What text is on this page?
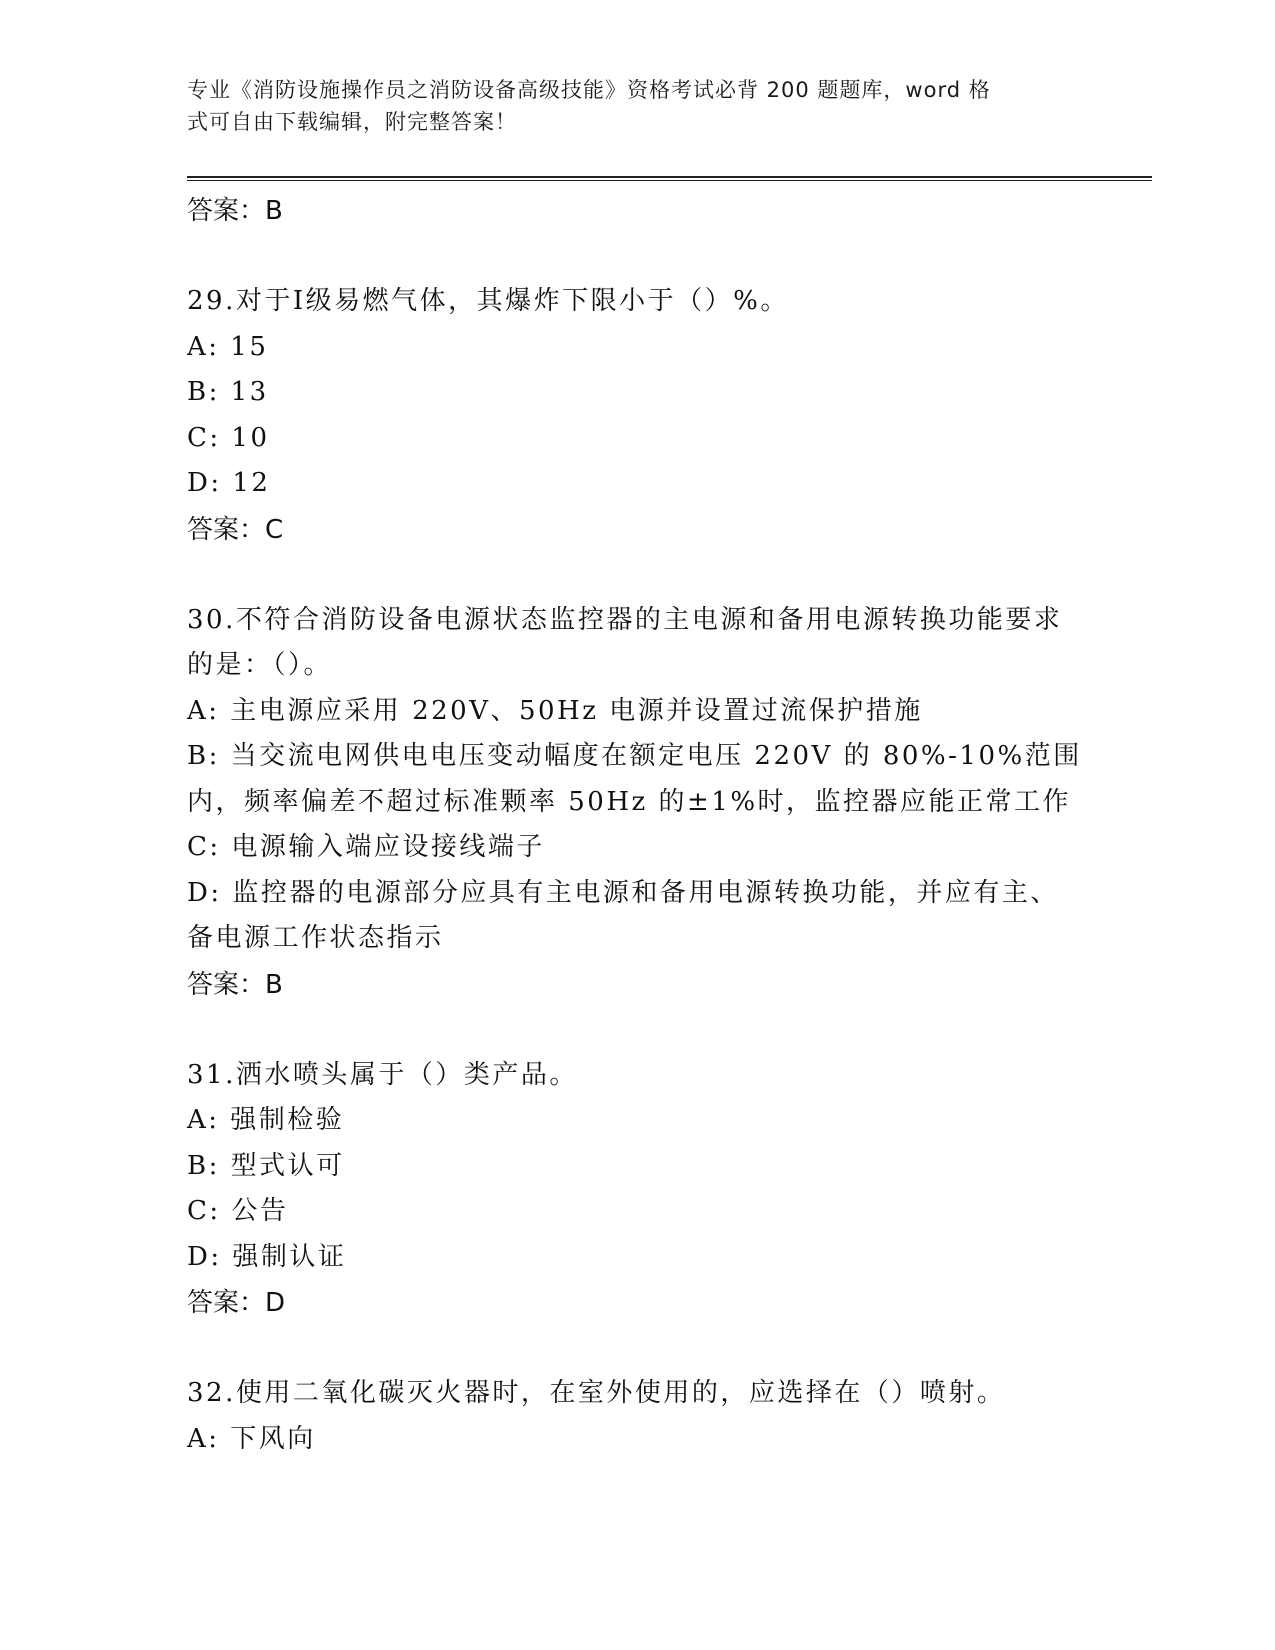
专业《消防设施操作员之消防设备高级技能》资格考试必背 200 题题库，word 格
式可自由下载编辑，附完整答案！
答案：B
29.对于Ⅰ级易燃气体，其爆炸下限小于（）%。
A: 15
B: 13
C: 10
D: 12
答案：C
30.不符合消防设备电源状态监控器的主电源和备用电源转换功能要求的是：（）。
A: 主电源应采用 220V、50Hz 电源并设置过流保护措施
B: 当交流电网供电电压变动幅度在额定电压 220V 的 80%-10%范围内，频率偏差不超过标准颗率 50Hz 的±1%时，监控器应能正常工作
C: 电源输入端应设接线端子
D: 监控器的电源部分应具有主电源和备用电源转换功能，并应有主、备电源工作状态指示
答案：B
31.洒水喷头属于（）类产品。
A: 强制检验
B: 型式认可
C: 公告
D: 强制认证
答案：D
32.使用二氧化碳灭火器时，在室外使用的，应选择在（）喷射。
A: 下风向
